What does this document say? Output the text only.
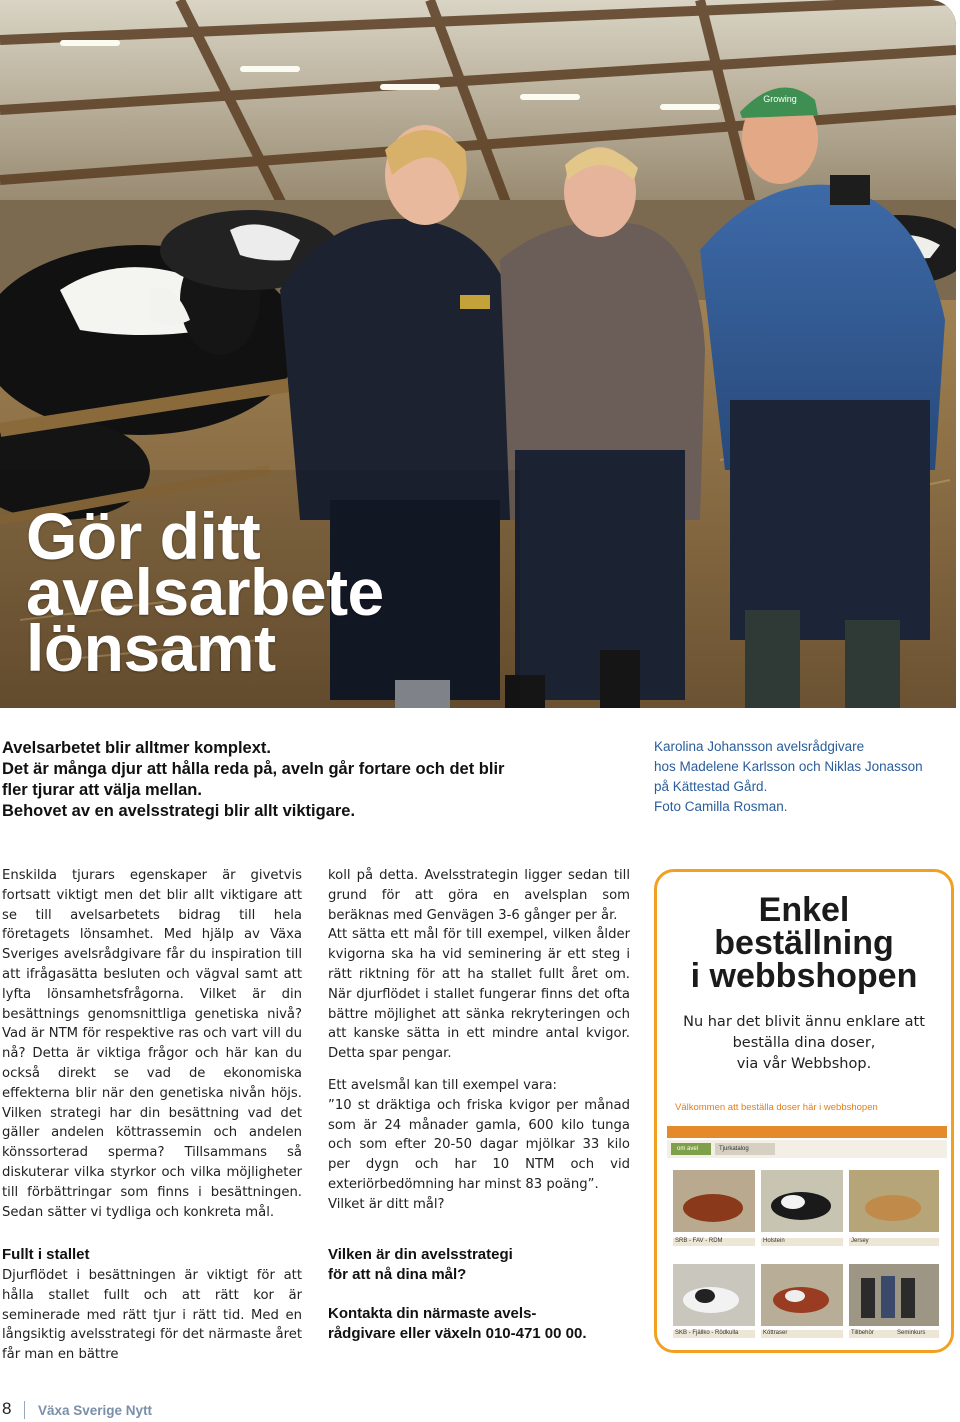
Growing
Gör ditt
avelsarbete
lönsamt
Avelsarbetet blir alltmer komplext.
Det är många djur att hålla reda på, aveln går fortare och det blir
fler tjurar att välja mellan.
Behovet av en avelsstrategi blir allt viktigare.
Karolina Johansson avelsrådgivare
hos Madelene Karlsson och Niklas Jonasson
på Kättestad Gård.
Foto Camilla Rosman.

Enskilda tjurars egenskaper är givetvis fortsatt viktigt men det blir allt viktigare att se till avelsarbetets bidrag till hela företagets lönsamhet. Med hjälp av Växa Sveriges avelsrådgivare får du inspiration till att ifrågasätta besluten och vägval samt att lyfta lönsamhetsfrågorna. Vilket är din besättnings genomsnittliga genetiska nivå? Vad är NTM för respektive ras och vart vill du nå? Detta är viktiga frågor och här kan du också direkt se vad de ekonomiska effekterna blir när den genetiska nivån höjs. Vilken strategi har din besättning vad det gäller andelen köttrassemin och andelen könssorterad sperma? Tillsammans så diskuterar vilka styrkor och vilka möjligheter till förbättringar som finns i besättningen. Sedan sätter vi tydliga och konkreta mål.

Fullt i stallet

Djurflödet i besättningen är viktigt för att hålla stallet fullt och att rätt kor är seminerade med rätt tjur i rätt tid. Med en långsiktig avelsstrategi för det närmaste året får man en bättre

koll på detta. Avelsstrategin ligger sedan till grund för att göra en avelsplan som beräknas med Genvägen 3-6 gånger per år.

Att sätta ett mål för till exempel, vilken ålder kvigorna ska ha vid seminering är ett steg i rätt riktning för att ha stallet fullt året om. När djurflödet i stallet fungerar finns det ofta bättre möjlighet att sänka rekryteringen och att kanske sätta in ett mindre antal kvigor. Detta spar pengar.

Ett avelsmål kan till exempel vara:

”10 st dräktiga och friska kvigor per månad som är 24 månader gamla, 600 kilo tunga och som efter 20-50 dagar mjölkar 33 kilo per dygn och har 10 NTM och vid exteriörbedömning har minst 83 poäng”.

Vilket är ditt mål?

Vilken är din avelsstrategi
för att nå dina mål?

Kontakta din närmaste avels-
rådgivare eller växeln 010-471 00 00.

Enkel
beställning
i webbshopen
Nu har det blivit ännu enklare att
beställa dina doser,
via vår Webbshop.
Välkommen att beställa doser här i webbshopen
om avel	Tjurkatalog
SRB - FAV - RDM	Holstein	Jersey
SKB - Fjällko - Rödkulla	Köttraser	Tillbehör	Seminkurs
8 Växa Sverige Nytt
